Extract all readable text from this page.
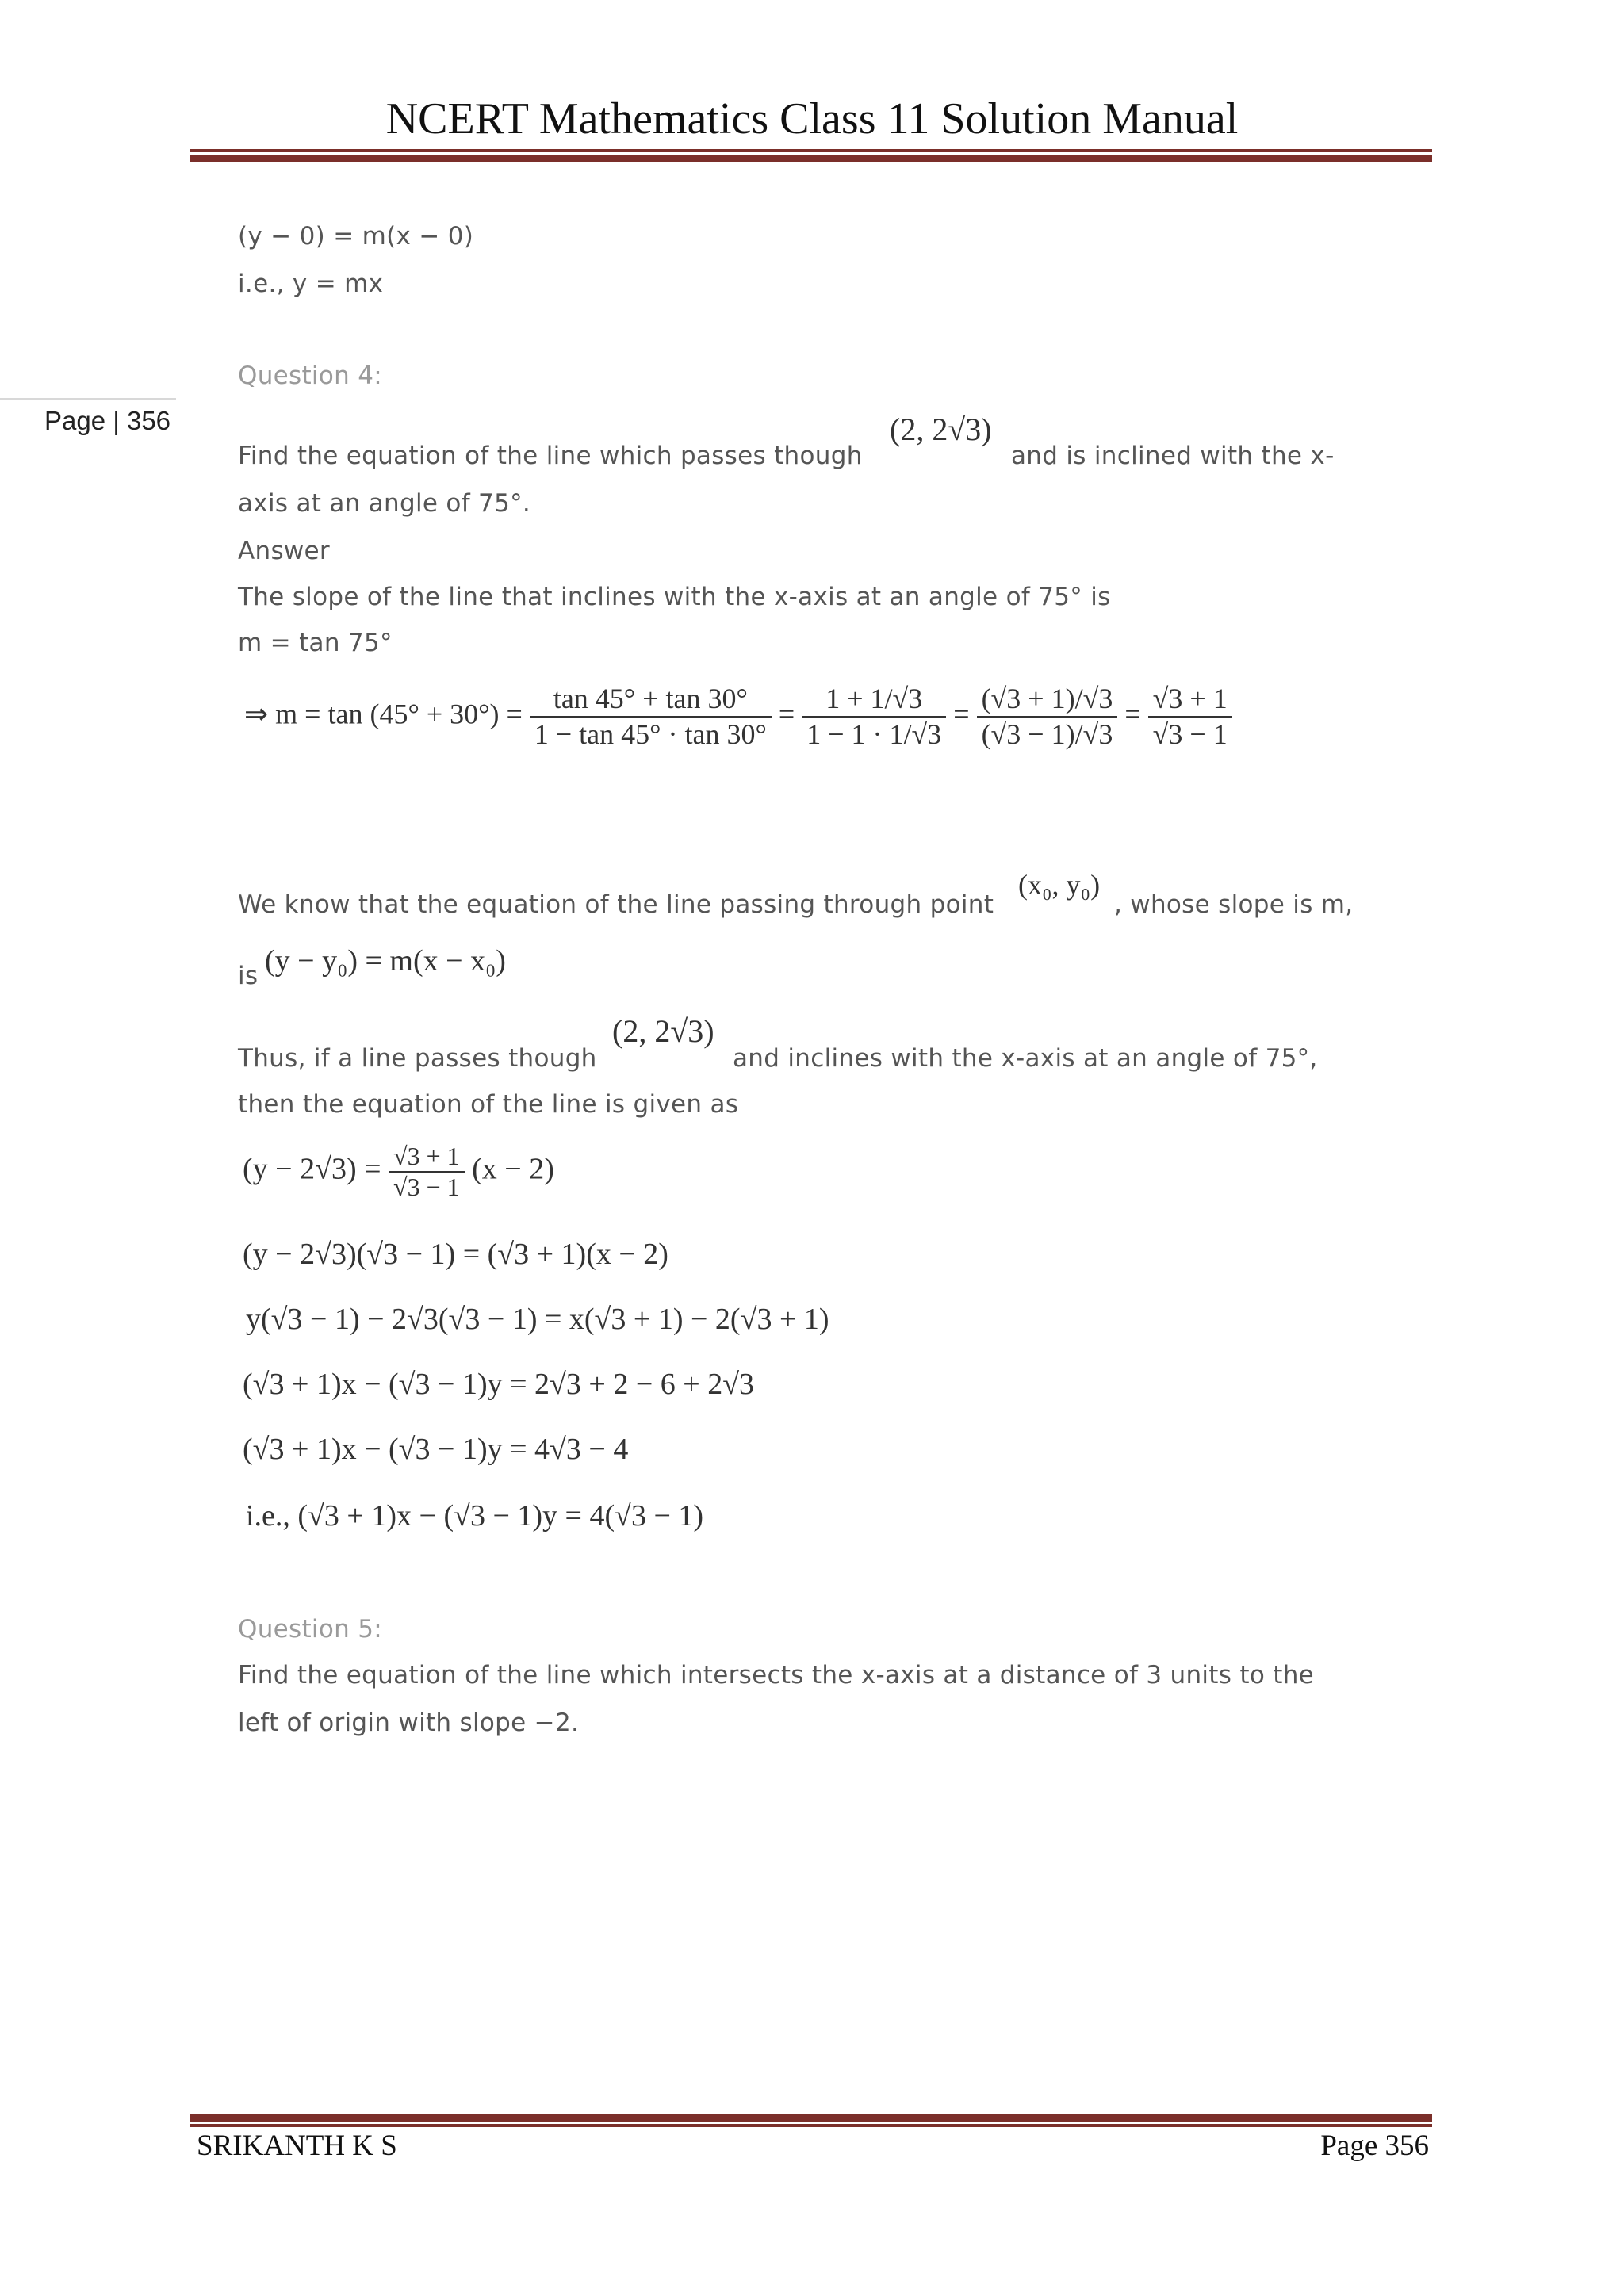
NCERT Mathematics Class 11 Solution Manual
Page | 356
(y − 0) = m(x − 0)
i.e., y = mx
Question 4:
Find the equation of the line which passes though
(2, 2√3)
and is inclined with the x-
axis at an angle of 75°.
Answer
The slope of the line that inclines with the x-axis at an angle of 75° is
m = tan 75°
⇒ $m = \tan (45^\circ + 30^\circ) = \frac{\tan 45^\circ + \tan 30^\circ}{1 - \tan 45^\circ \cdot \tan 30^\circ} = \frac{1 + 1/√3}{1 - 1 \cdot 1/√3} = \frac{(√3 + 1)/√3}{(√3 - 1)/√3} = \frac{√3 + 1}{√3 - 1}$
We know that the equation of the line passing through point
(x₀, y₀)
, whose slope is m,
is (y − y₀) = m(x − x₀)
Thus, if a line passes though
(2, 2√3)
and inclines with the x-axis at an angle of 75°,
then the equation of the line is given as
$(y - 2√3) = \frac{√3 + 1}{√3 - 1} (x - 2)$
(y − 2√3)(√3 − 1) = (√3 + 1)(x − 2)
y(√3 − 1) − 2√3(√3 − 1) = x(√3 + 1) − 2(√3 + 1)
(√3 + 1)x − (√3 − 1)y = 2√3 + 2 − 6 + 2√3
(√3 + 1)x − (√3 − 1)y = 4√3 − 4
i.e., (√3 + 1)x − (√3 − 1)y = 4(√3 − 1)
Question 5:
Find the equation of the line which intersects the x-axis at a distance of 3 units to the
left of origin with slope −2.
SRIKANTH K S	Page 356
